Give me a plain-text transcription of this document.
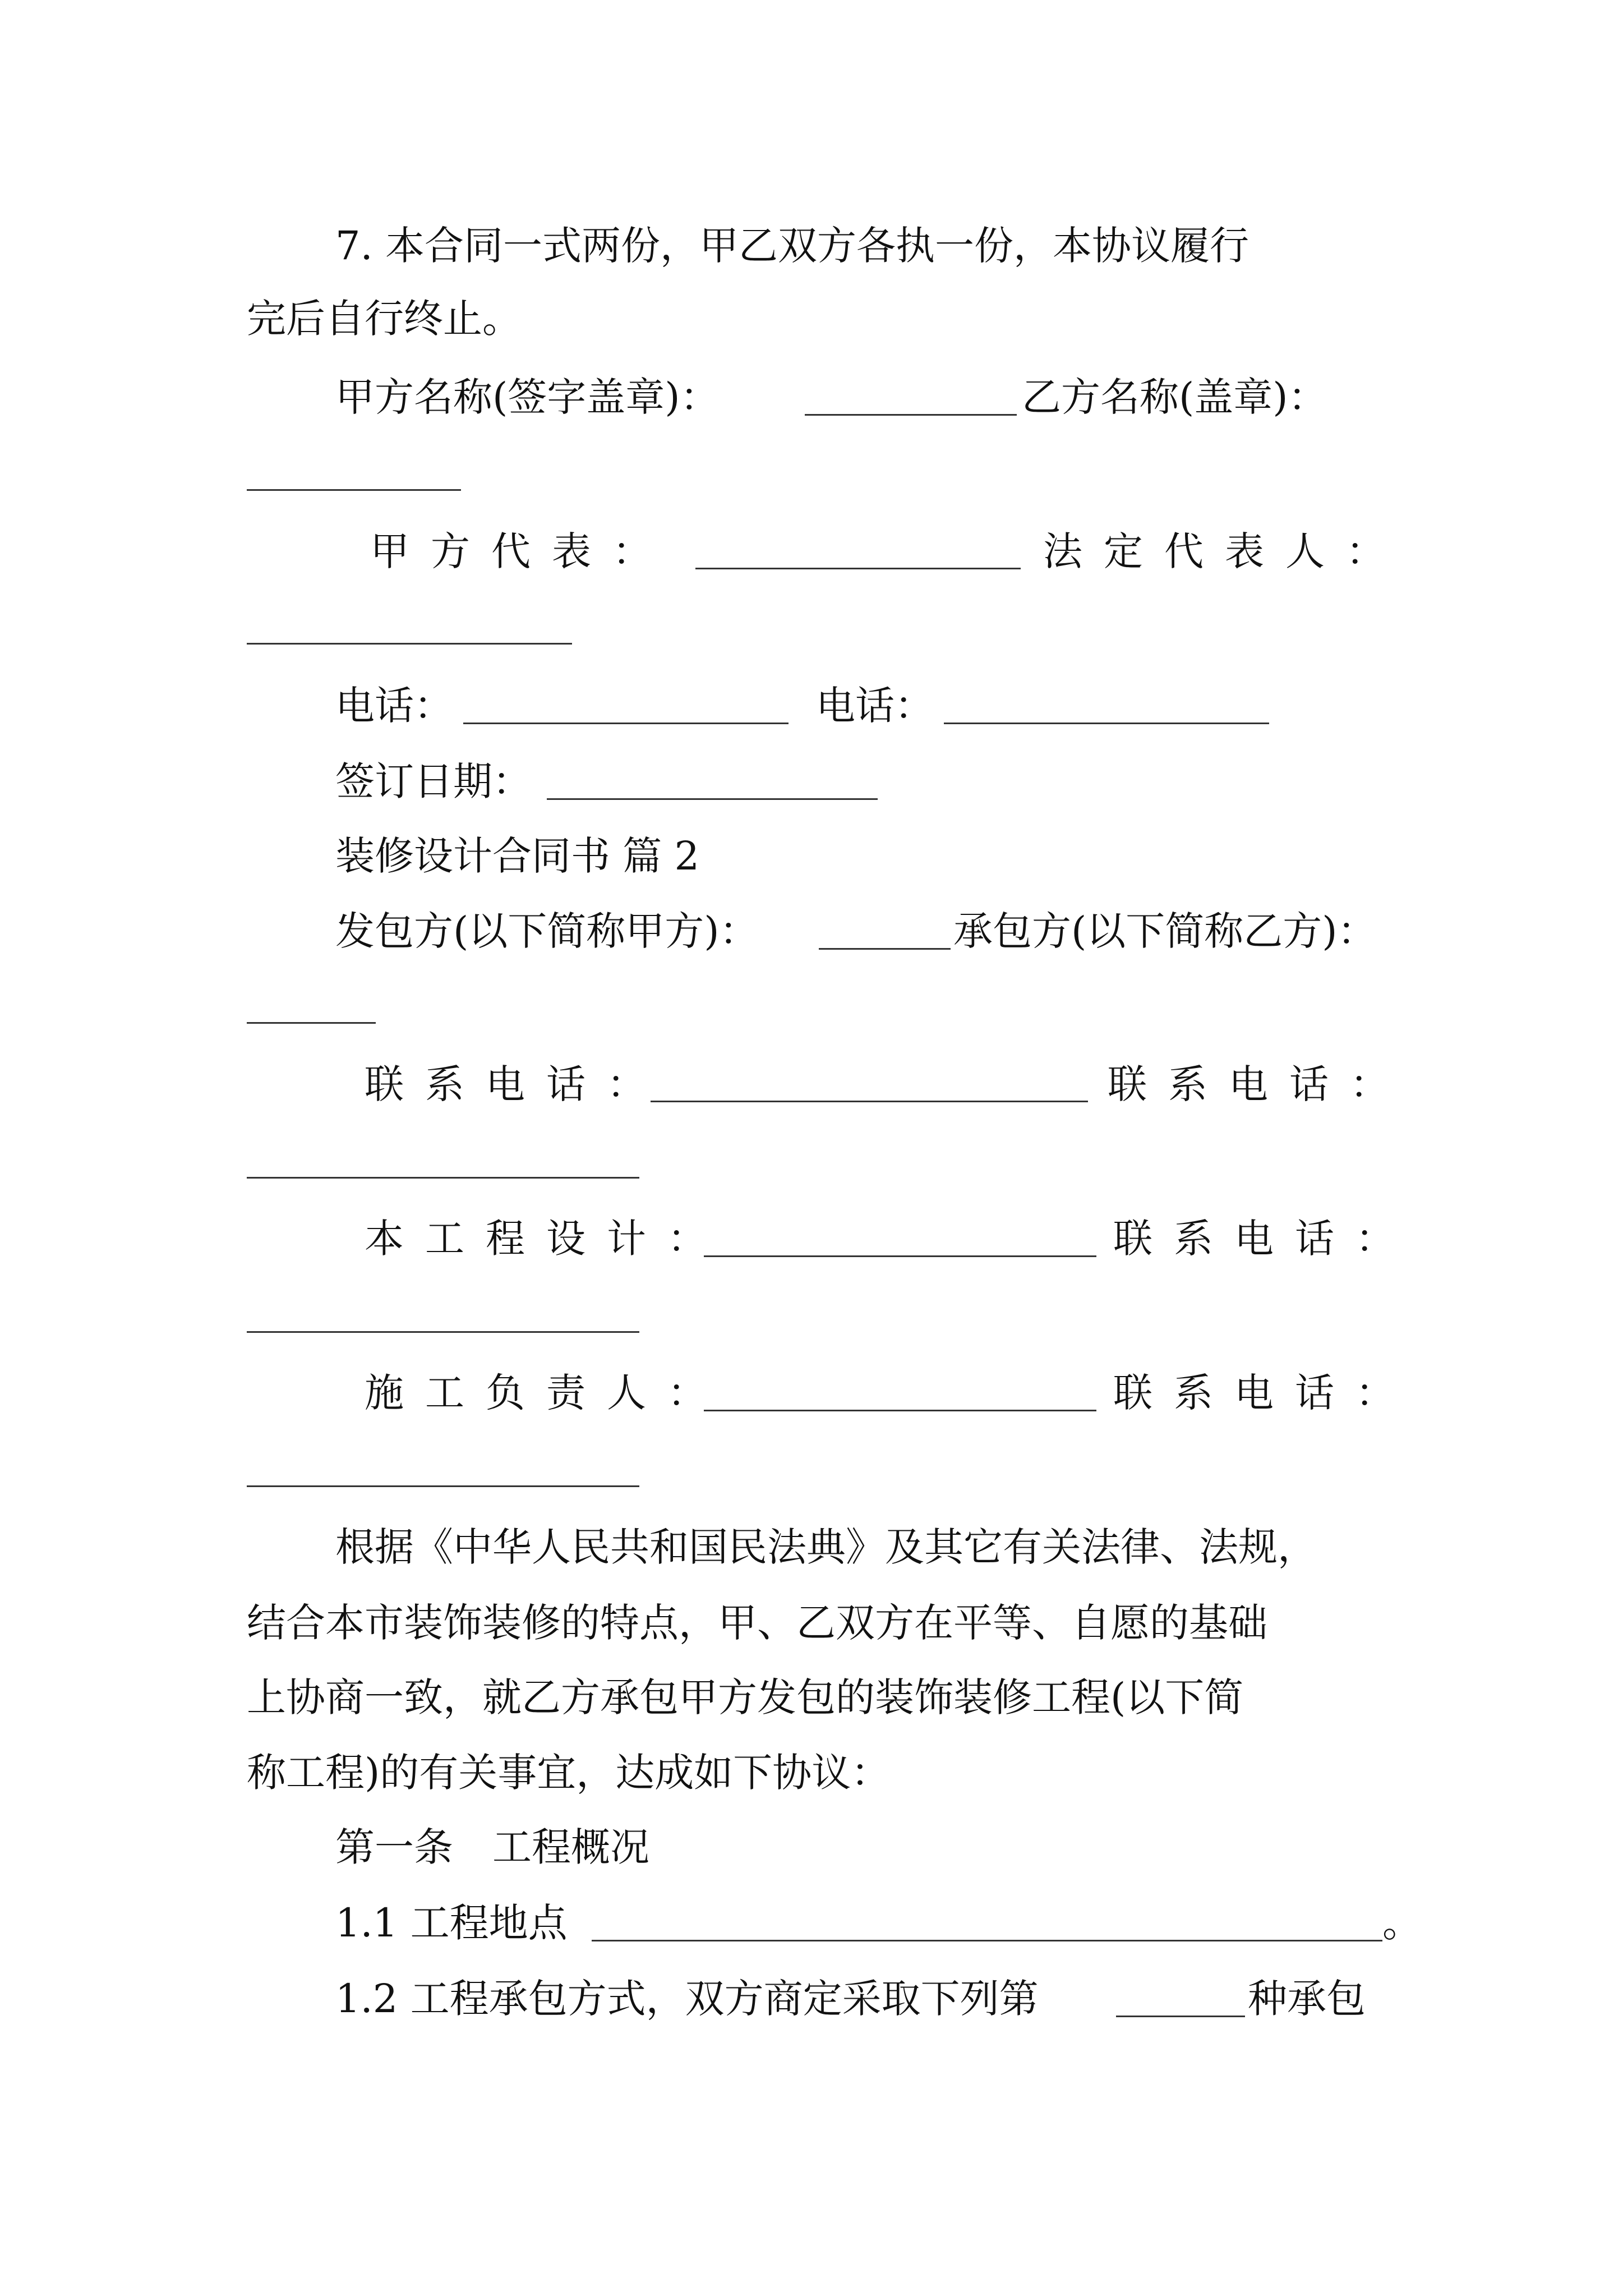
7. 本合同一式两份，甲乙双方各执一份，本协议履行
完后自行终止。
甲方名称(签字盖章)：	乙方名称(盖章)：
甲方代表：	法定代表人：
电话：	电话：
签订日期：
装修设计合同书 篇 2
发包方(以下简称甲方)：	承包方(以下简称乙方)：
联系电话：	联系电话：
本工程设计：	联系电话：
施工负责人：	联系电话：
根据《中华人民共和国民法典》及其它有关法律、法规，
结合本市装饰装修的特点，甲、乙双方在平等、自愿的基础
上协商一致，就乙方承包甲方发包的装饰装修工程(以下简
称工程)的有关事宜，达成如下协议：
第一条　工程概况
1.1 工程地点	。
1.2 工程承包方式，双方商定采取下列第	种承包
